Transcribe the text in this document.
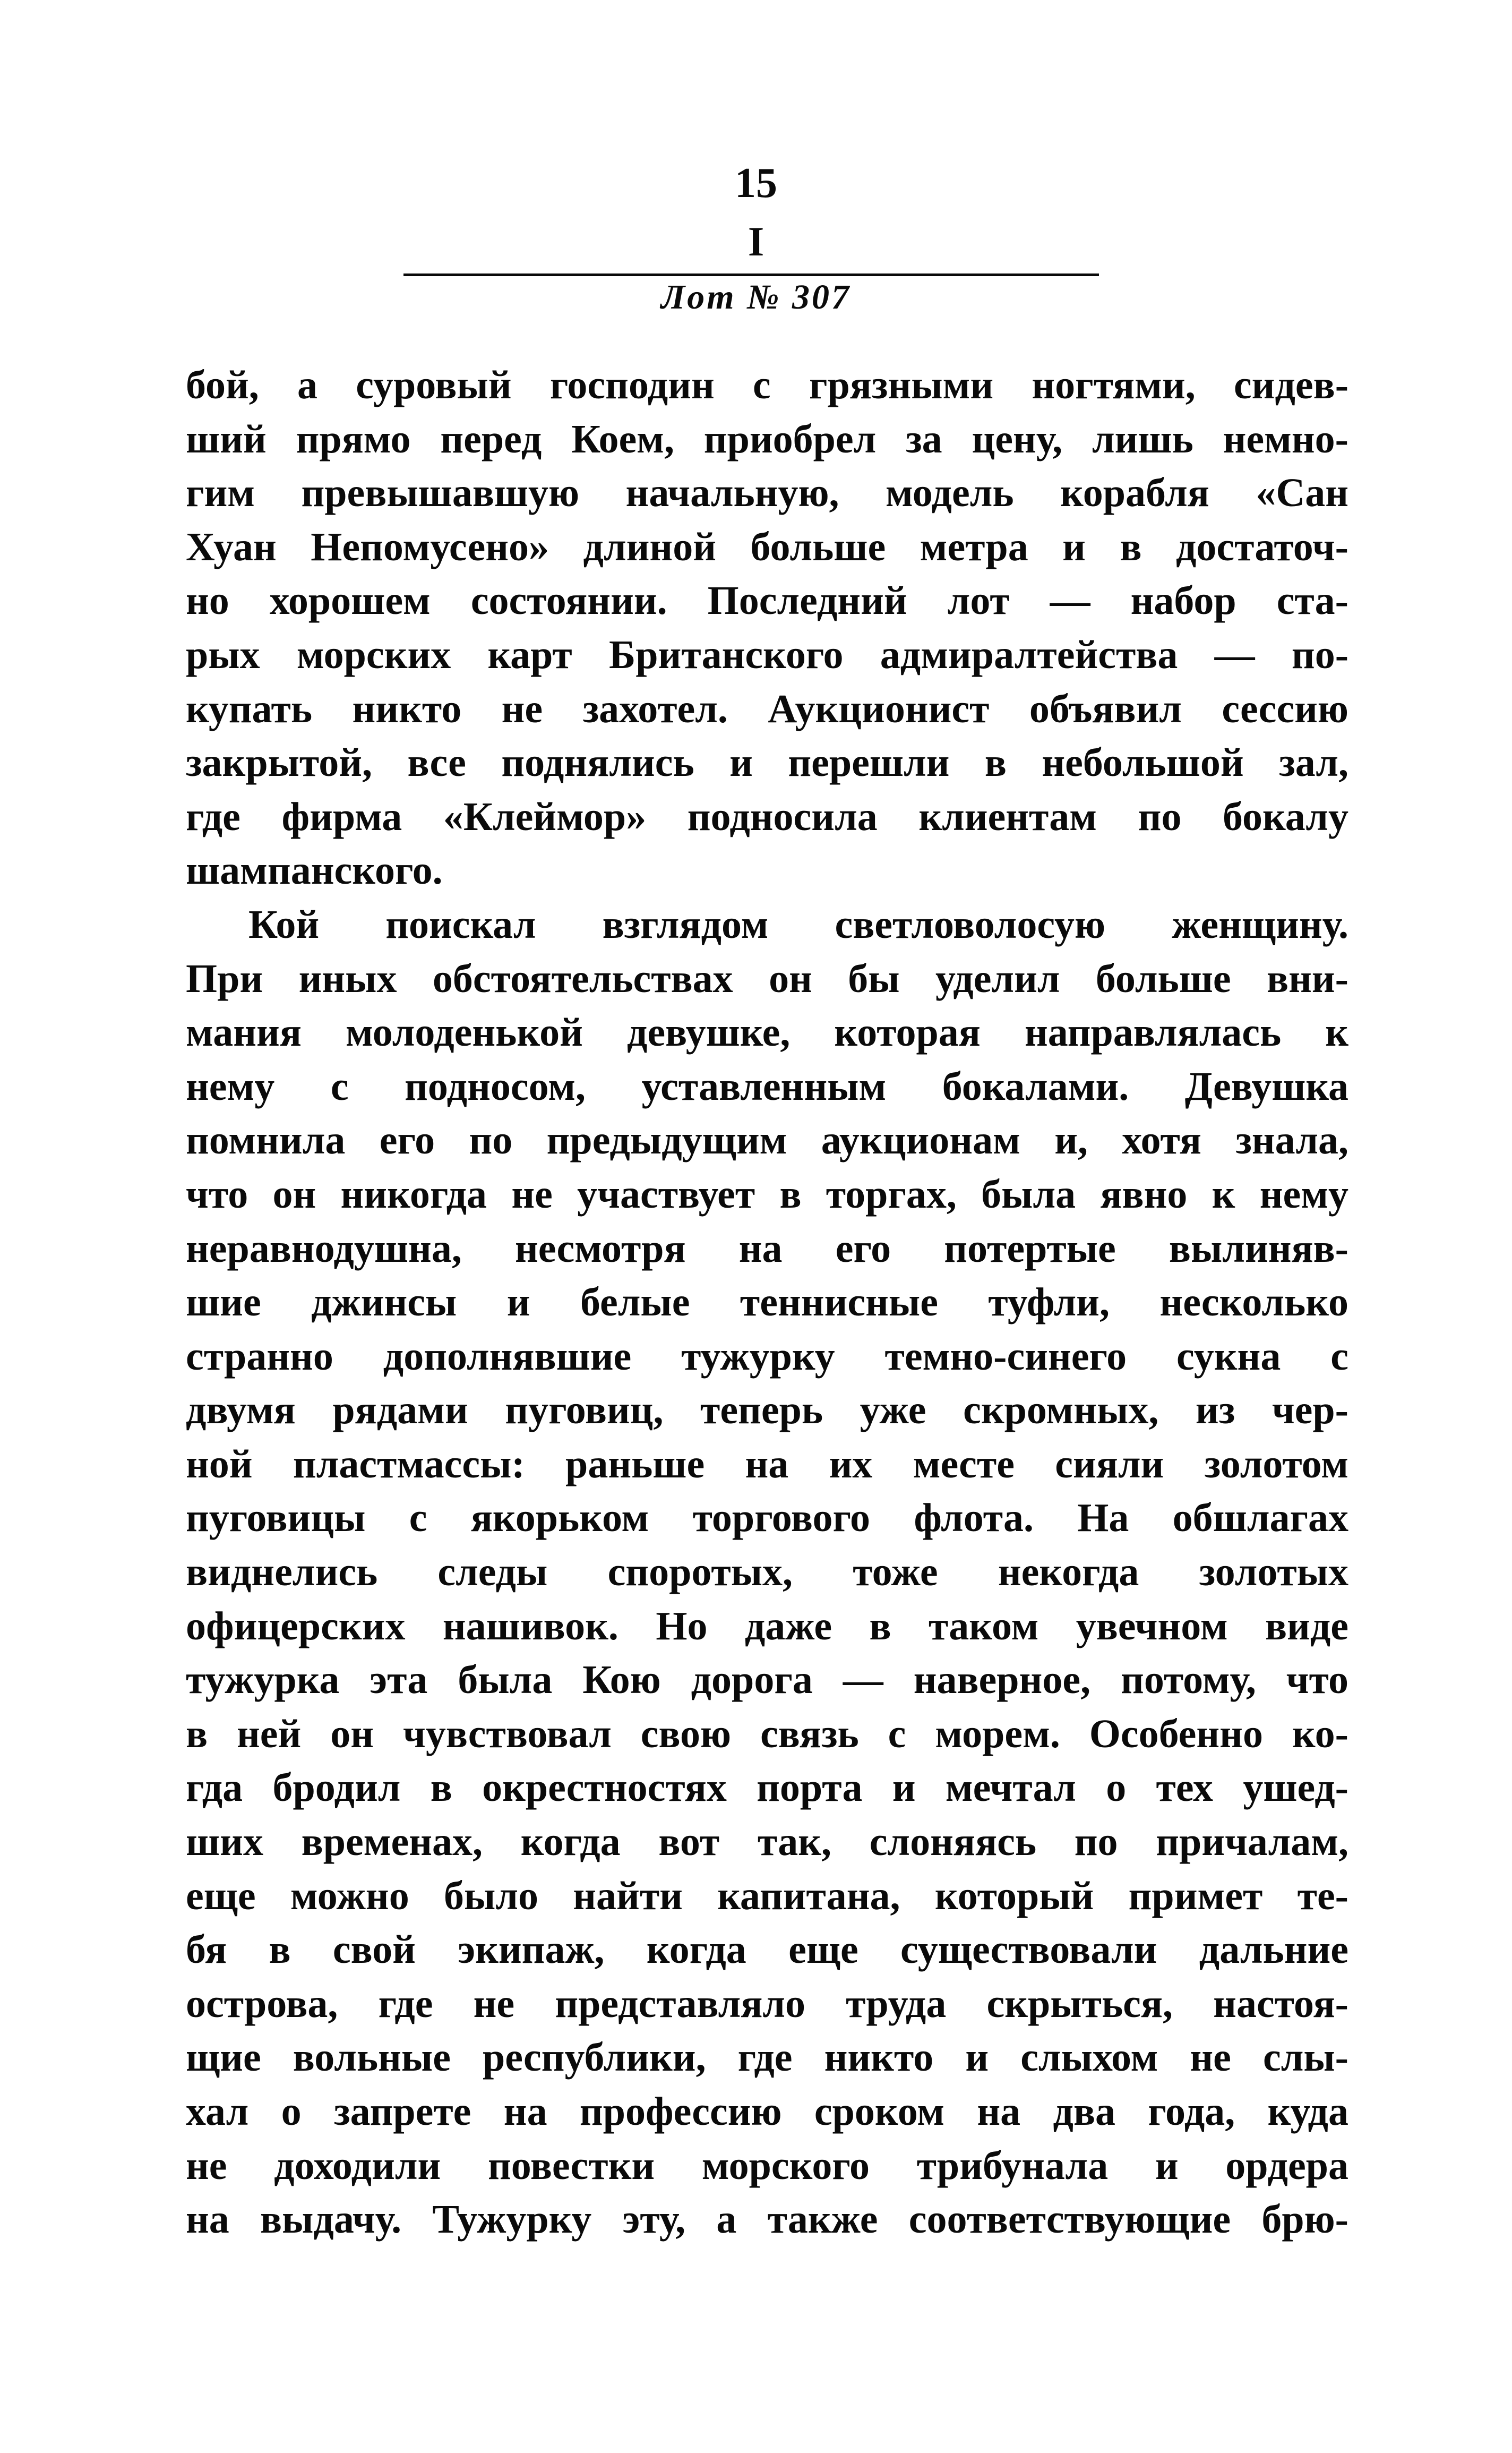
15
I
Лот № 307
бой, а суровый господин с грязными ногтями, сидев-
ший прямо перед Коем, приобрел за цену, лишь немно-
гим превышавшую начальную, модель корабля «Сан
Хуан Непомусено» длиной больше метра и в достаточ-
но хорошем состоянии. Последний лот — набор ста-
рых морских карт Британского адмиралтейства — по-
купать никто не захотел. Аукционист объявил сессию
закрытой, все поднялись и перешли в небольшой зал,
где фирма «Клеймор» подносила клиентам по бокалу
шампанского.
Кой поискал взглядом светловолосую женщину.
При иных обстоятельствах он бы уделил больше вни-
мания молоденькой девушке, которая направлялась к
нему с подносом, уставленным бокалами. Девушка
помнила его по предыдущим аукционам и, хотя знала,
что он никогда не участвует в торгах, была явно к нему
неравнодушна, несмотря на его потертые вылиняв-
шие джинсы и белые теннисные туфли, несколько
странно дополнявшие тужурку темно-синего сукна с
двумя рядами пуговиц, теперь уже скромных, из чер-
ной пластмассы: раньше на их месте сияли золотом
пуговицы с якорьком торгового флота. На обшлагах
виднелись следы споротых, тоже некогда золотых
офицерских нашивок. Но даже в таком увечном виде
тужурка эта была Кою дорога — наверное, потому, что
в ней он чувствовал свою связь с морем. Особенно ко-
гда бродил в окрестностях порта и мечтал о тех ушед-
ших временах, когда вот так, слоняясь по причалам,
еще можно было найти капитана, который примет те-
бя в свой экипаж, когда еще существовали дальние
острова, где не представляло труда скрыться, настоя-
щие вольные республики, где никто и слыхом не слы-
хал о запрете на профессию сроком на два года, куда
не доходили повестки морского трибунала и ордера
на выдачу. Тужурку эту, а также соответствующие брю-
